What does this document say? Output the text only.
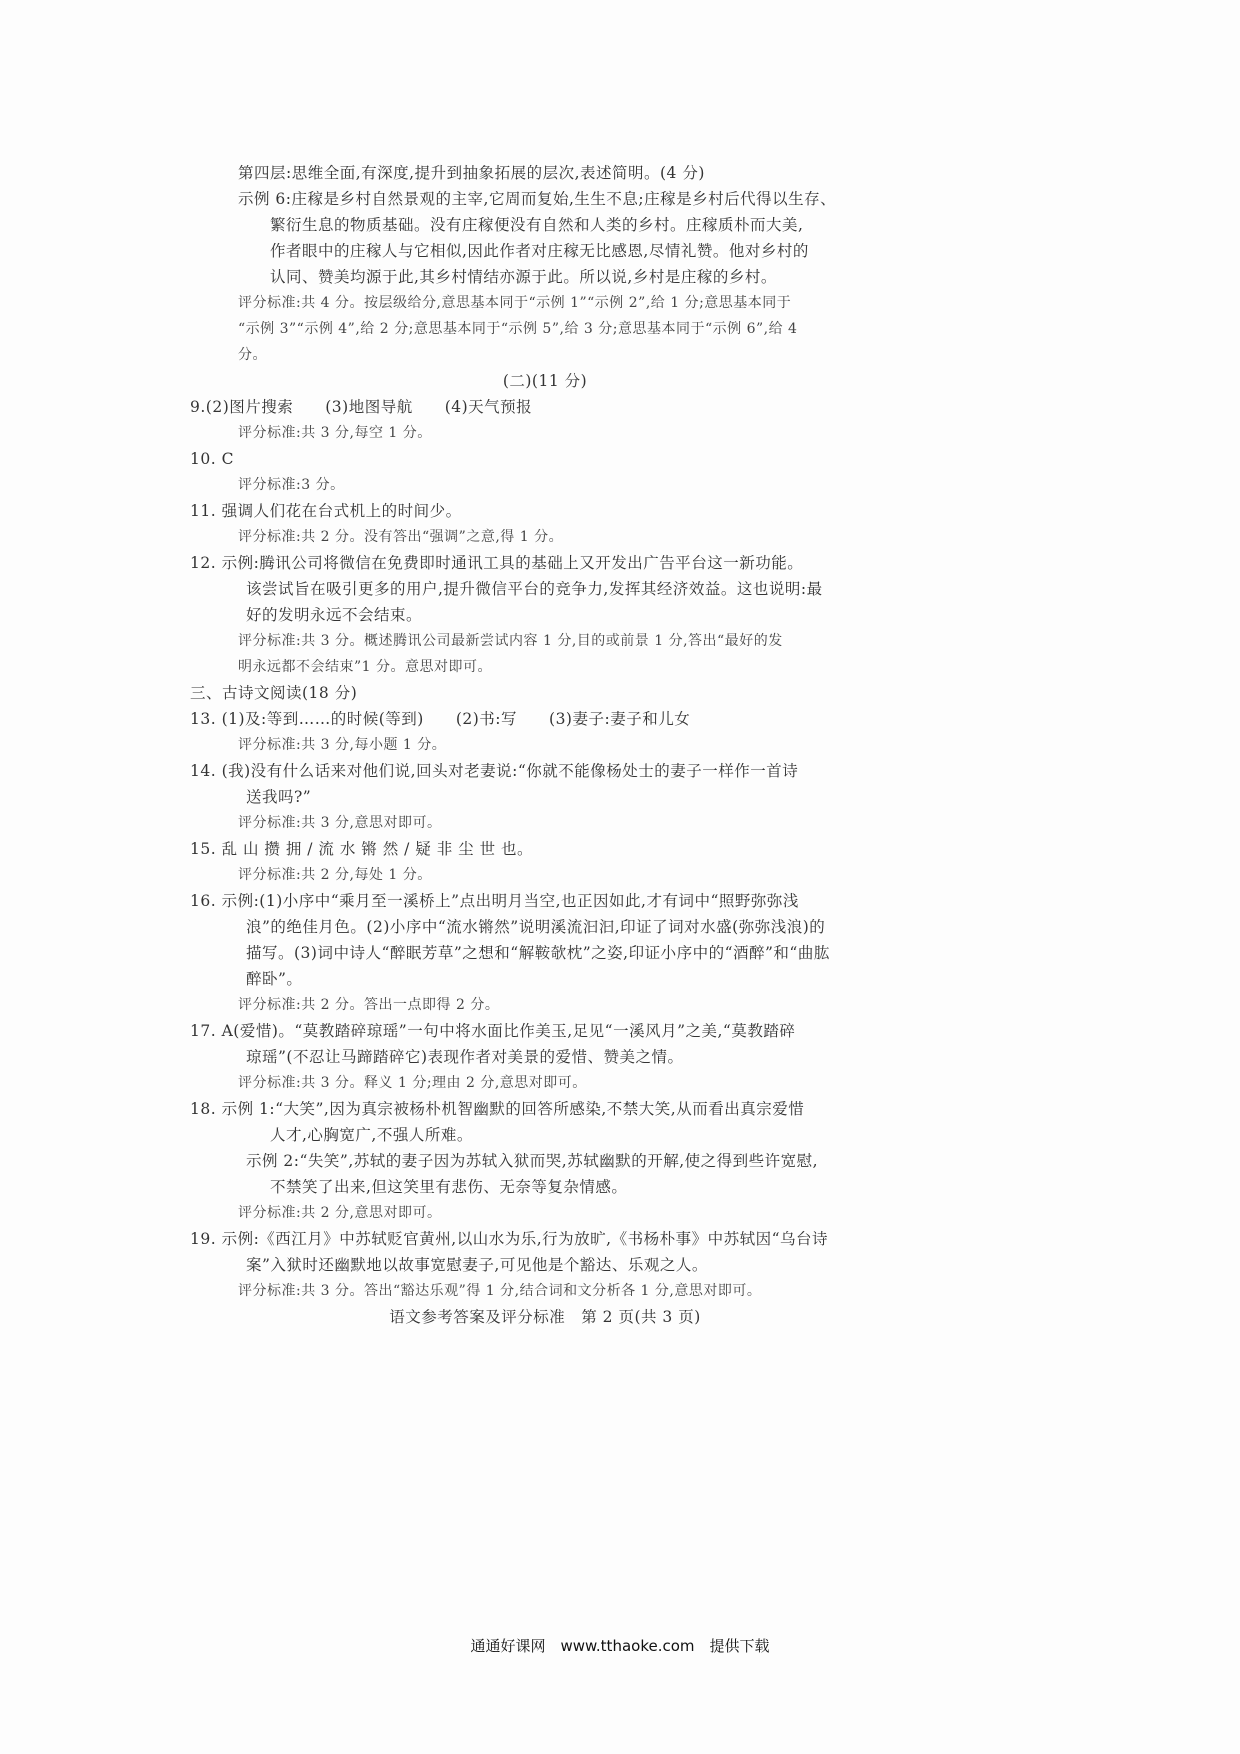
第四层:思维全面,有深度,提升到抽象拓展的层次,表述简明。(4 分)
示例 6:庄稼是乡村自然景观的主宰,它周而复始,生生不息;庄稼是乡村后代得以生存、
繁衍生息的物质基础。没有庄稼便没有自然和人类的乡村。庄稼质朴而大美,
作者眼中的庄稼人与它相似,因此作者对庄稼无比感恩,尽情礼赞。他对乡村的
认同、赞美均源于此,其乡村情结亦源于此。所以说,乡村是庄稼的乡村。
评分标准:共 4 分。按层级给分,意思基本同于“示例 1”“示例 2”,给 1 分;意思基本同于
“示例 3”“示例 4”,给 2 分;意思基本同于“示例 5”,给 3 分;意思基本同于“示例 6”,给 4
分。
(二)(11 分)
9.(2)图片搜索　　(3)地图导航　　(4)天气预报
评分标准:共 3 分,每空 1 分。
10. C
评分标准:3 分。
11. 强调人们花在台式机上的时间少。
评分标准:共 2 分。没有答出“强调”之意,得 1 分。
12. 示例:腾讯公司将微信在免费即时通讯工具的基础上又开发出广告平台这一新功能。
该尝试旨在吸引更多的用户,提升微信平台的竞争力,发挥其经济效益。这也说明:最
好的发明永远不会结束。
评分标准:共 3 分。概述腾讯公司最新尝试内容 1 分,目的或前景 1 分,答出“最好的发
明永远都不会结束”1 分。意思对即可。
三、古诗文阅读(18 分)
13. (1)及:等到……的时候(等到)　　(2)书:写　　(3)妻子:妻子和儿女
评分标准:共 3 分,每小题 1 分。
14. (我)没有什么话来对他们说,回头对老妻说:“你就不能像杨处士的妻子一样作一首诗
送我吗?”
评分标准:共 3 分,意思对即可。
15. 乱 山 攒 拥 / 流 水 锵 然 / 疑 非 尘 世 也。
评分标准:共 2 分,每处 1 分。
16. 示例:(1)小序中“乘月至一溪桥上”点出明月当空,也正因如此,才有词中“照野弥弥浅
浪”的绝佳月色。(2)小序中“流水锵然”说明溪流汩汩,印证了词对水盛(弥弥浅浪)的
描写。(3)词中诗人“醉眠芳草”之想和“解鞍欹枕”之姿,印证小序中的“酒醉”和“曲肱
醉卧”。
评分标准:共 2 分。答出一点即得 2 分。
17. A(爱惜)。“莫教踏碎琼瑶”一句中将水面比作美玉,足见“一溪风月”之美,“莫教踏碎
琼瑶”(不忍让马蹄踏碎它)表现作者对美景的爱惜、赞美之情。
评分标准:共 3 分。释义 1 分;理由 2 分,意思对即可。
18. 示例 1:“大笑”,因为真宗被杨朴机智幽默的回答所感染,不禁大笑,从而看出真宗爱惜
人才,心胸宽广,不强人所难。
示例 2:“失笑”,苏轼的妻子因为苏轼入狱而哭,苏轼幽默的开解,使之得到些许宽慰,
不禁笑了出来,但这笑里有悲伤、无奈等复杂情感。
评分标准:共 2 分,意思对即可。
19. 示例:《西江月》中苏轼贬官黄州,以山水为乐,行为放旷,《书杨朴事》中苏轼因“乌台诗
案”入狱时还幽默地以故事宽慰妻子,可见他是个豁达、乐观之人。
评分标准:共 3 分。答出“豁达乐观”得 1 分,结合词和文分析各 1 分,意思对即可。
语文参考答案及评分标准　第 2 页(共 3 页)
通通好课网　www.tthaoke.com　提供下载
